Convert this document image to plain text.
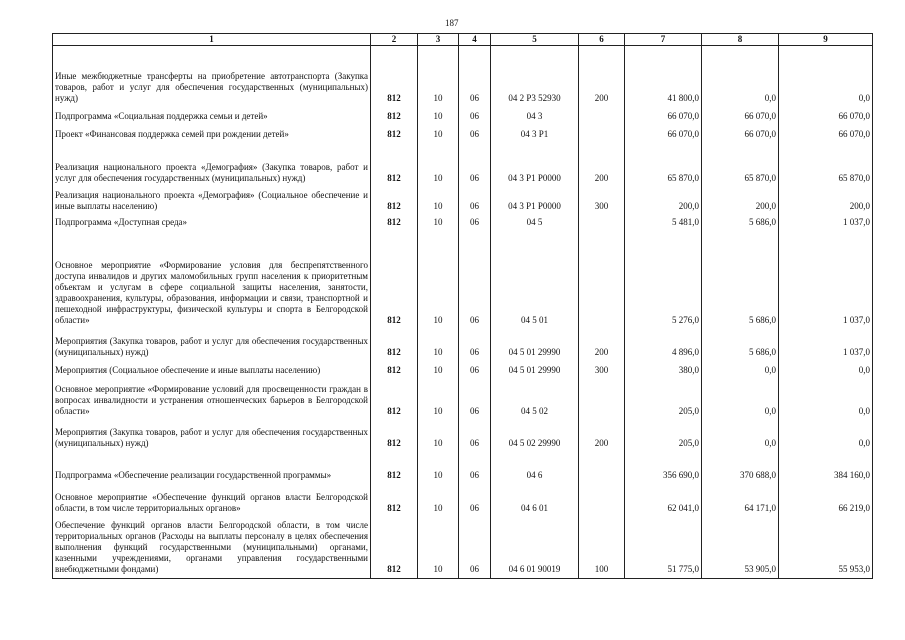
187
1	2	3	4	5	6	7	8	9
Иные межбюджетные трансферты на приобретение автотранспорта (Закупка товаров, работ и услуг для обеспечения государственных (муниципальных) нужд)	812	10	06	04 2 Р3 52930	200	41 800,0	0,0	0,0
Подпрограмма «Социальная поддержка семьи и детей»	812	10	06	04 3		66 070,0	66 070,0	66 070,0
Проект «Финансовая поддержка семей при рождении детей»	812	10	06	04 3 Р1		66 070,0	66 070,0	66 070,0
Реализация национального проекта «Демография» (Закупка товаров, работ и услуг для обеспечения государственных (муниципальных) нужд)	812	10	06	04 3 Р1 Р0000	200	65 870,0	65 870,0	65 870,0
Реализация национального проекта «Демография» (Социальное обеспечение и иные выплаты населению)	812	10	06	04 3 Р1 Р0000	300	200,0	200,0	200,0
Подпрограмма «Доступная среда»	812	10	06	04 5		5 481,0	5 686,0	1 037,0
Основное мероприятие «Формирование условия для беспрепятственного доступа инвалидов и других маломобильных групп населения к приоритетным объектам и услугам в сфере социальной защиты населения, занятости, здравоохранения, культуры, образования, информации и связи, транспортной и пешеходной инфраструктуры, физической культуры и спорта в Белгородской области»	812	10	06	04 5 01		5 276,0	5 686,0	1 037,0
Мероприятия (Закупка товаров, работ и услуг для обеспечения государственных (муниципальных) нужд)	812	10	06	04 5 01 29990	200	4 896,0	5 686,0	1 037,0
Мероприятия (Социальное обеспечение и иные выплаты населению)	812	10	06	04 5 01 29990	300	380,0	0,0	0,0
Основное мероприятие «Формирование условий для просвещенности граждан в вопросах инвалидности и устранения отношенческих барьеров в Белгородской области»	812	10	06	04 5 02		205,0	0,0	0,0
Мероприятия (Закупка товаров, работ и услуг для обеспечения государственных (муниципальных) нужд)	812	10	06	04 5 02 29990	200	205,0	0,0	0,0
Подпрограмма «Обеспечение реализации государственной программы»	812	10	06	04 6		356 690,0	370 688,0	384 160,0
Основное мероприятие «Обеспечение функций органов власти Белгородской области, в том числе территориальных органов»	812	10	06	04 6 01		62 041,0	64 171,0	66 219,0
Обеспечение функций органов власти Белгородской области, в том числе территориальных органов (Расходы на выплаты персоналу в целях обеспечения выполнения функций государственными (муниципальными) органами, казенными учреждениями, органами управления государственными внебюджетными фондами)	812	10	06	04 6 01 90019	100	51 775,0	53 905,0	55 953,0
